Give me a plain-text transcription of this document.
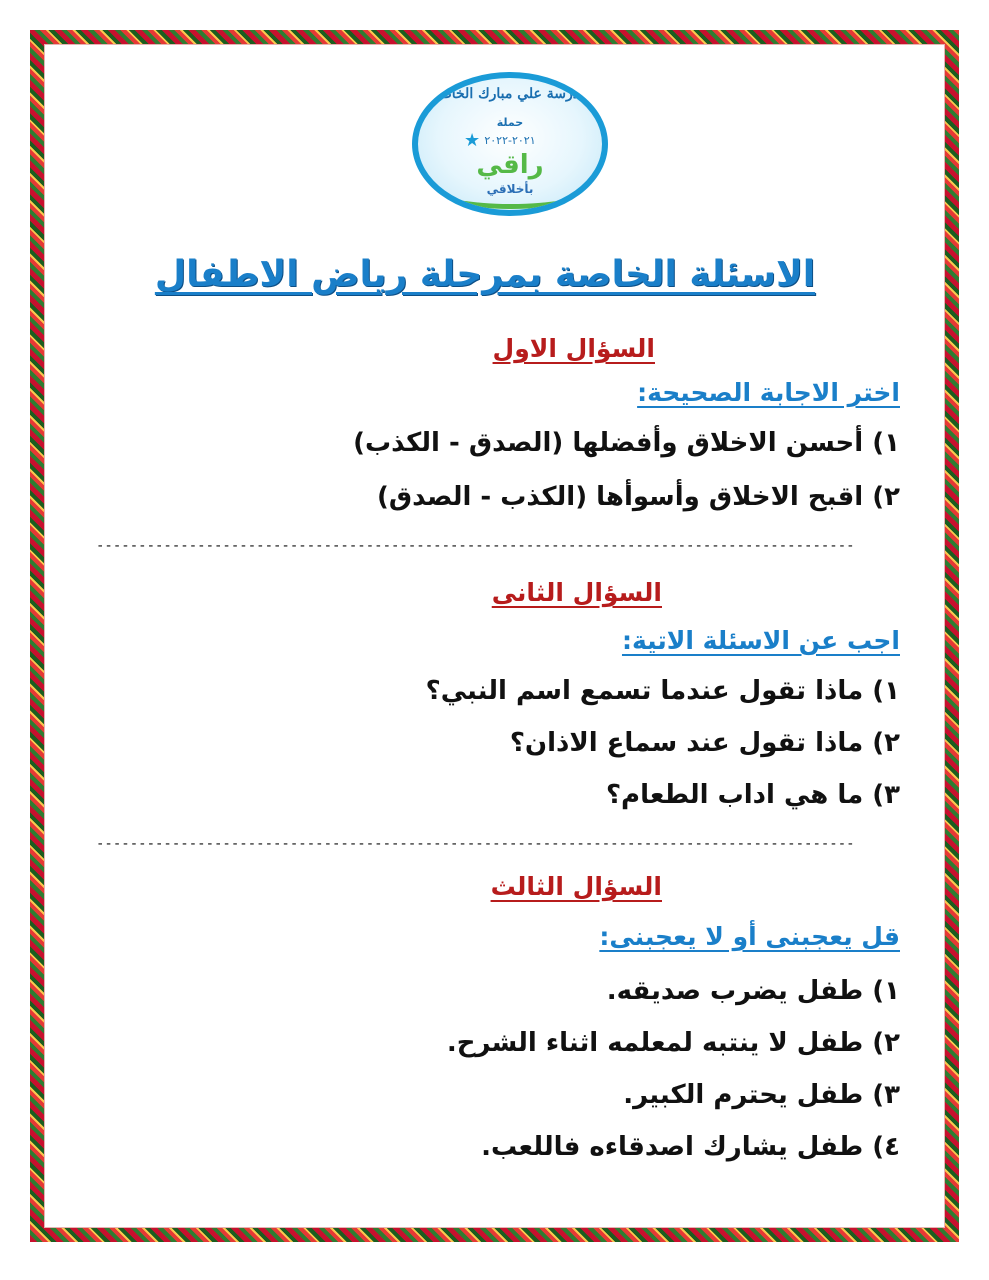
مدرسة علي مبارك الخاصة
حملة
٢٠٢١-٢٠٢٢
★
راقي
بأخلاقي
الاسئلة الخاصة بمرحلة رياض الاطفال
السؤال الاول
اختر الاجابة الصحيحة:
١) أحسن الاخلاق وأفضلها (الصدق - الكذب)
٢) اقبح الاخلاق وأسوأها (الكذب - الصدق)
السؤال الثانى
اجب عن الاسئلة الاتية:
١) ماذا تقول عندما تسمع اسم النبي؟
٢) ماذا تقول عند سماع الاذان؟
٣) ما هي اداب الطعام؟
السؤال الثالث
قل يعجبنى أو لا يعجبنى:
١) طفل يضرب صديقه.
٢) طفل لا ينتبه لمعلمه اثناء الشرح.
٣) طفل يحترم الكبير.
٤) طفل يشارك اصدقاءه فاللعب.
------------------------------------------------------------------------------------------
------------------------------------------------------------------------------------------
